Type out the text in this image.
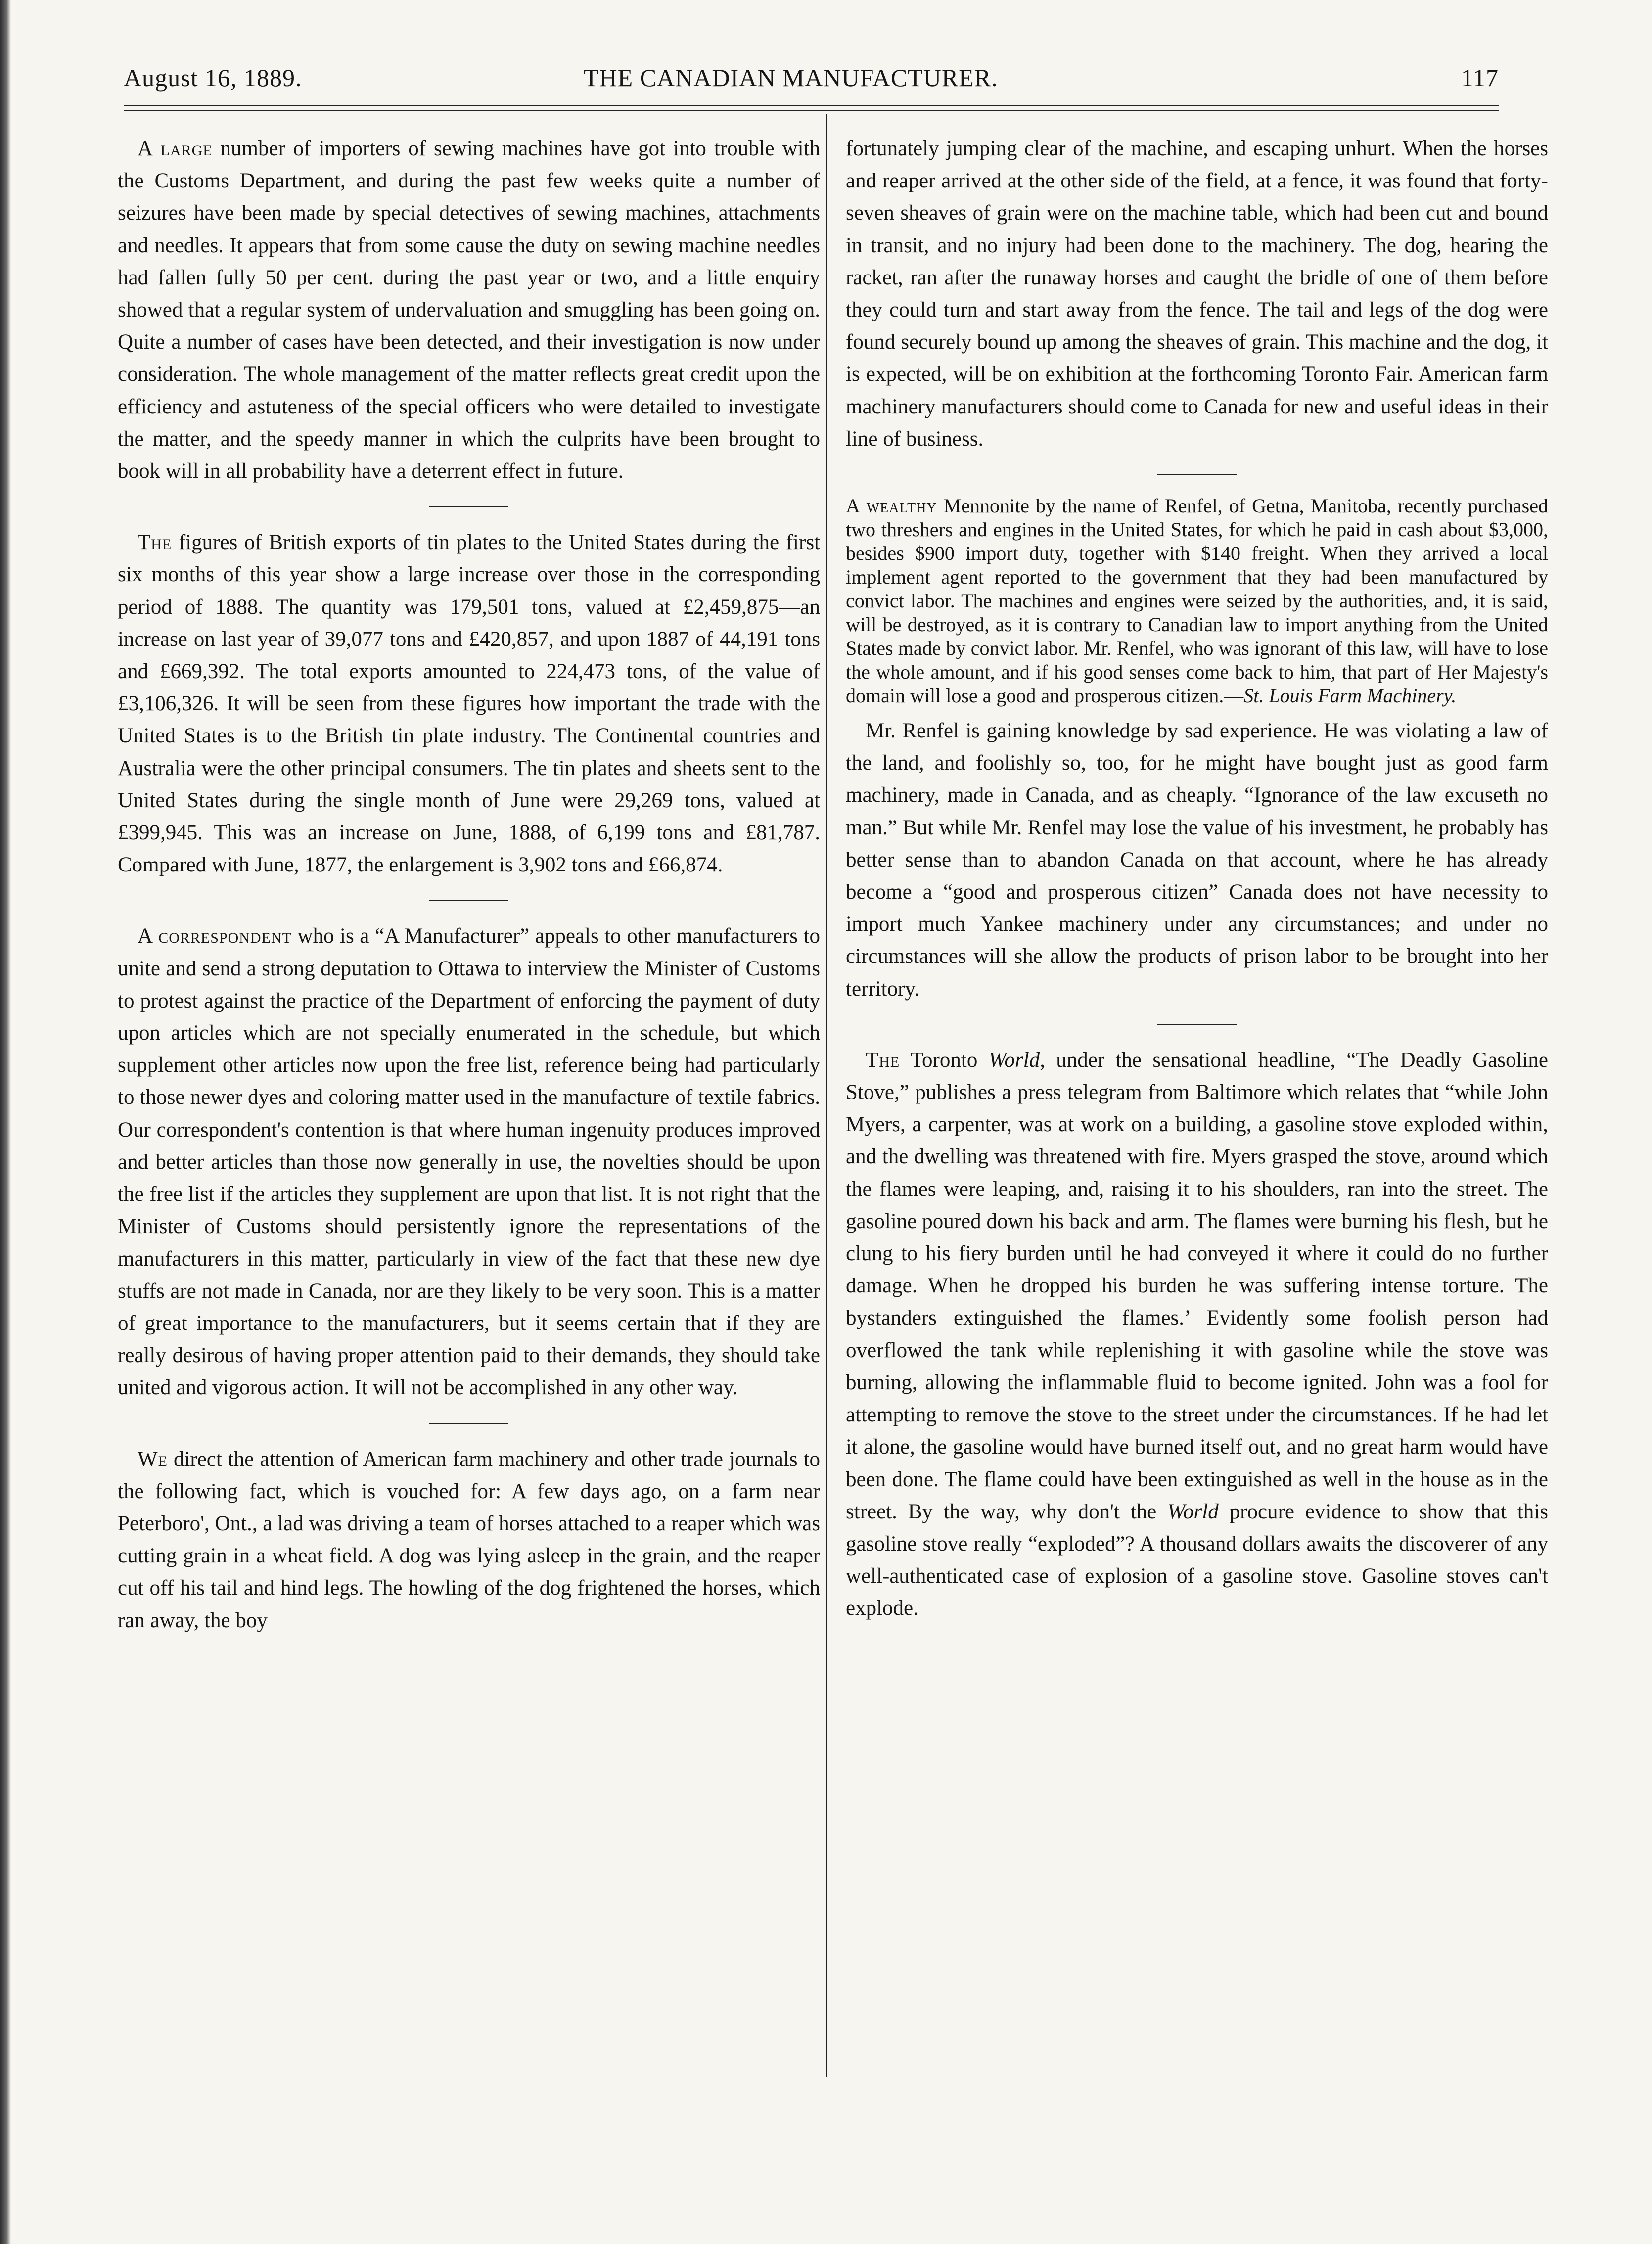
August 16, 1889.	THE CANADIAN MANUFACTURER.	117

A large number of importers of sewing machines have got into trouble with the Customs Department, and during the past few weeks quite a number of seizures have been made by special detectives of sewing machines, attachments and needles. It appears that from some cause the duty on sewing machine needles had fallen fully 50 per cent. during the past year or two, and a little enquiry showed that a regular system of undervaluation and smuggling has been going on. Quite a number of cases have been detected, and their investigation is now under consideration. The whole management of the matter reflects great credit upon the efficiency and astuteness of the special officers who were detailed to investigate the matter, and the speedy manner in which the culprits have been brought to book will in all probability have a deterrent effect in future.

The figures of British exports of tin plates to the United States during the first six months of this year show a large increase over those in the corresponding period of 1888. The quantity was 179,501 tons, valued at £2,459,875—an increase on last year of 39,077 tons and £420,857, and upon 1887 of 44,191 tons and £669,392. The total exports amounted to 224,473 tons, of the value of £3,106,326. It will be seen from these figures how important the trade with the United States is to the British tin plate industry. The Continental countries and Australia were the other principal consumers. The tin plates and sheets sent to the United States during the single month of June were 29,269 tons, valued at £399,945. This was an increase on June, 1888, of 6,199 tons and £81,787. Compared with June, 1877, the enlargement is 3,902 tons and £66,874.

A correspondent who is a “A Manufacturer” appeals to other manufacturers to unite and send a strong deputation to Ottawa to interview the Minister of Customs to protest against the practice of the Department of enforcing the payment of duty upon articles which are not specially enumerated in the schedule, but which supplement other articles now upon the free list, reference being had particularly to those newer dyes and coloring matter used in the manufacture of textile fabrics. Our correspondent's contention is that where human ingenuity produces improved and better articles than those now generally in use, the novelties should be upon the free list if the articles they supplement are upon that list. It is not right that the Minister of Customs should persistently ignore the representations of the manufacturers in this matter, particularly in view of the fact that these new dye stuffs are not made in Canada, nor are they likely to be very soon. This is a matter of great importance to the manufacturers, but it seems certain that if they are really desirous of having proper attention paid to their demands, they should take united and vigorous action. It will not be accomplished in any other way.

We direct the attention of American farm machinery and other trade journals to the following fact, which is vouched for: A few days ago, on a farm near Peterboro', Ont., a lad was driving a team of horses attached to a reaper which was cutting grain in a wheat field. A dog was lying asleep in the grain, and the reaper cut off his tail and hind legs. The howling of the dog frightened the horses, which ran away, the boy

fortunately jumping clear of the machine, and escaping unhurt. When the horses and reaper arrived at the other side of the field, at a fence, it was found that forty-seven sheaves of grain were on the machine table, which had been cut and bound in transit, and no injury had been done to the machinery. The dog, hearing the racket, ran after the runaway horses and caught the bridle of one of them before they could turn and start away from the fence. The tail and legs of the dog were found securely bound up among the sheaves of grain. This machine and the dog, it is expected, will be on exhibition at the forthcoming Toronto Fair. American farm machinery manufacturers should come to Canada for new and useful ideas in their line of business.

A wealthy Mennonite by the name of Renfel, of Getna, Manitoba, recently purchased two threshers and engines in the United States, for which he paid in cash about $3,000, besides $900 import duty, together with $140 freight. When they arrived a local implement agent reported to the government that they had been manufactured by convict labor. The machines and engines were seized by the authorities, and, it is said, will be destroyed, as it is contrary to Canadian law to import anything from the United States made by convict labor. Mr. Renfel, who was ignorant of this law, will have to lose the whole amount, and if his good senses come back to him, that part of Her Majesty's domain will lose a good and prosperous citizen.—St. Louis Farm Machinery.

Mr. Renfel is gaining knowledge by sad experience. He was violating a law of the land, and foolishly so, too, for he might have bought just as good farm machinery, made in Canada, and as cheaply. “Ignorance of the law excuseth no man.” But while Mr. Renfel may lose the value of his investment, he probably has better sense than to abandon Canada on that account, where he has already become a “good and prosperous citizen” Canada does not have necessity to import much Yankee machinery under any circumstances; and under no circumstances will she allow the products of prison labor to be brought into her territory.

The Toronto World, under the sensational headline, “The Deadly Gasoline Stove,” publishes a press telegram from Baltimore which relates that “while John Myers, a carpenter, was at work on a building, a gasoline stove exploded within, and the dwelling was threatened with fire. Myers grasped the stove, around which the flames were leaping, and, raising it to his shoulders, ran into the street. The gasoline poured down his back and arm. The flames were burning his flesh, but he clung to his fiery burden until he had conveyed it where it could do no further damage. When he dropped his burden he was suffering intense torture. The bystanders extinguished the flames.’ Evidently some foolish person had overflowed the tank while replenishing it with gasoline while the stove was burning, allowing the inflammable fluid to become ignited. John was a fool for attempting to remove the stove to the street under the circumstances. If he had let it alone, the gasoline would have burned itself out, and no great harm would have been done. The flame could have been extinguished as well in the house as in the street. By the way, why don't the World procure evidence to show that this gasoline stove really “exploded”? A thousand dollars awaits the discoverer of any well-authenticated case of explosion of a gasoline stove. Gasoline stoves can't explode.
